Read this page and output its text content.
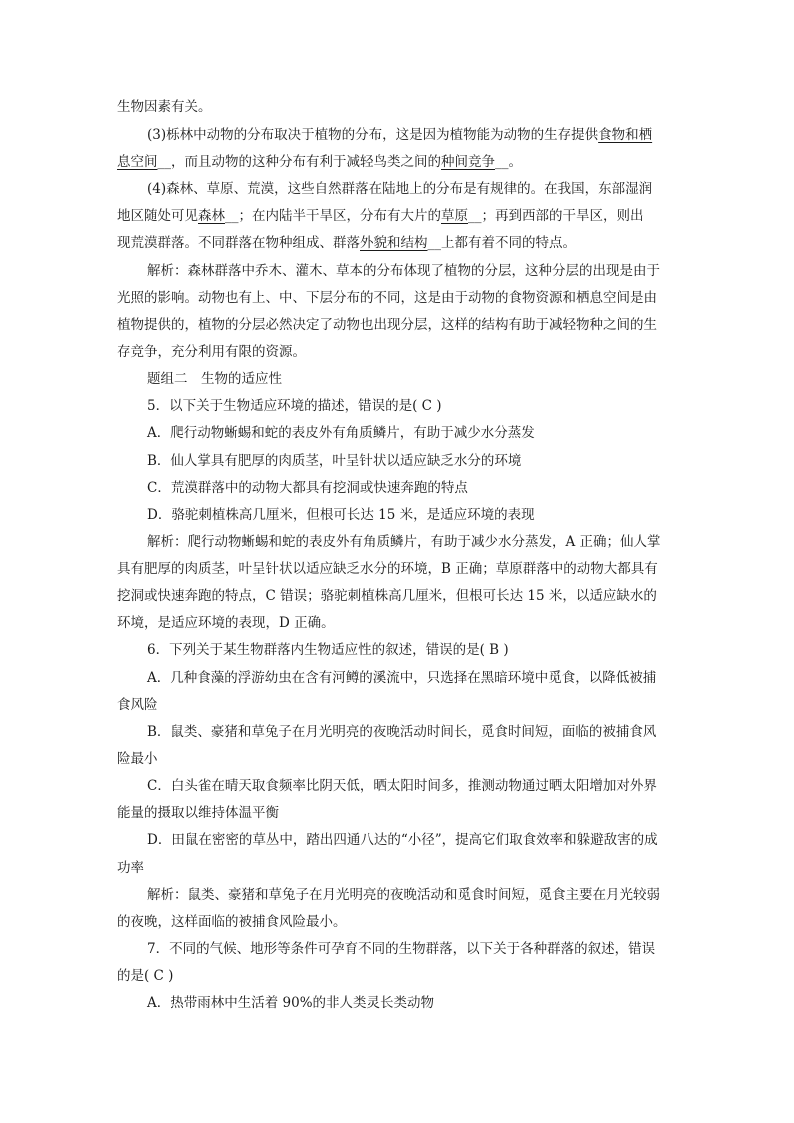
生物因素有关。
(3)栎林中动物的分布取决于植物的分布，这是因为植物能为动物的生存提供食物和栖
息空间__，而且动物的这种分布有利于减轻鸟类之间的种间竞争__。
(4)森林、草原、荒漠，这些自然群落在陆地上的分布是有规律的。在我国，东部湿润
地区随处可见森林__；在内陆半干旱区，分布有大片的草原__；再到西部的干旱区，则出
现荒漠群落。不同群落在物种组成、群落外貌和结构__上都有着不同的特点。
解析：森林群落中乔木、灌木、草本的分布体现了植物的分层，这种分层的出现是由于
光照的影响。动物也有上、中、下层分布的不同，这是由于动物的食物资源和栖息空间是由
植物提供的，植物的分层必然决定了动物也出现分层，这样的结构有助于减轻物种之间的生
存竞争，充分利用有限的资源。
题组二　生物的适应性
5．以下关于生物适应环境的描述，错误的是( C )
A．爬行动物蜥蜴和蛇的表皮外有角质鳞片，有助于减少水分蒸发
B．仙人掌具有肥厚的肉质茎，叶呈针状以适应缺乏水分的环境
C．荒漠群落中的动物大都具有挖洞或快速奔跑的特点
D．骆驼刺植株高几厘米，但根可长达 15 米，是适应环境的表现
解析：爬行动物蜥蜴和蛇的表皮外有角质鳞片，有助于减少水分蒸发，A 正确；仙人掌
具有肥厚的肉质茎，叶呈针状以适应缺乏水分的环境，B 正确；草原群落中的动物大都具有
挖洞或快速奔跑的特点，C 错误；骆驼刺植株高几厘米，但根可长达 15 米，以适应缺水的
环境，是适应环境的表现，D 正确。
6．下列关于某生物群落内生物适应性的叙述，错误的是( B )
A．几种食藻的浮游幼虫在含有河鳟的溪流中，只选择在黑暗环境中觅食，以降低被捕
食风险
B．鼠类、豪猪和草兔子在月光明亮的夜晚活动时间长，觅食时间短，面临的被捕食风
险最小
C．白头雀在晴天取食频率比阴天低，晒太阳时间多，推测动物通过晒太阳增加对外界
能量的摄取以维持体温平衡
D．田鼠在密密的草丛中，踏出四通八达的“小径”，提高它们取食效率和躲避敌害的成
功率
解析：鼠类、豪猪和草兔子在月光明亮的夜晚活动和觅食时间短，觅食主要在月光较弱
的夜晚，这样面临的被捕食风险最小。
7．不同的气候、地形等条件可孕育不同的生物群落，以下关于各种群落的叙述，错误
的是( C )
A．热带雨林中生活着 90%的非人类灵长类动物
